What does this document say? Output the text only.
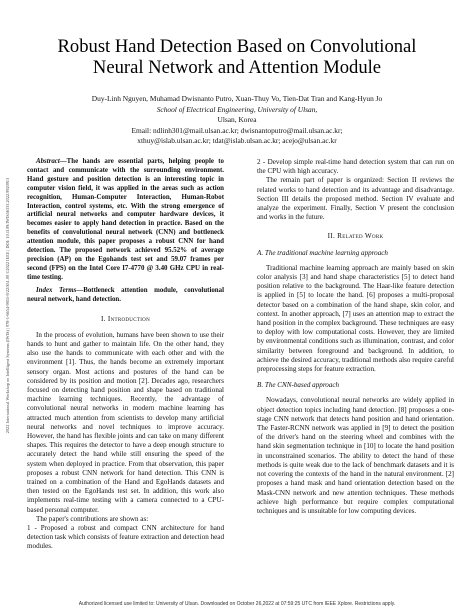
2022 International Workshop on Intelligent Systems (IWIS) | 978-1-6654-9855-9/22/$31.00 ©2022 IEEE | DOI: 10.1109/IWIS56333.2022.9920913
Robust Hand Detection Based on Convolutional Neural Network and Attention Module
Duy-Linh Nguyen, Muhamad Dwisnanto Putro, Xuan-Thuy Vo, Tien-Dat Tran and Kang-Hyun Jo
School of Electrical Engineering, University of Ulsan,
Ulsan, Korea
Email: ndlinh301@mail.ulsan.ac.kr; dwisnantoputro@mail.ulsan.ac.kr;
xthuy@islab.ulsan.ac.kr; tdat@islab.ulsan.ac.kr; acejo@ulsan.ac.kr

Abstract—The hands are essential parts, helping people to contact and communicate with the surrounding environment. Hand gesture and position detection is an interesting topic in computer vision field, it was applied in the areas such as action recognition, Human-Computer Interaction, Human-Robot Interaction, control systems, etc. With the strong emergence of artificial neural networks and computer hardware devices, it becomes easier to apply hand detection in practice. Based on the benefits of convolutional neural network (CNN) and bottleneck attention module, this paper proposes a robust CNN for hand detection. The proposed network achieved 95.52% of average precision (AP) on the Egohands test set and 59.07 frames per second (FPS) on the Intel Core I7-4770 @ 3.40 GHz CPU in real-time testing.

Index Terms—Bottleneck attention module, convolutional neural network, hand detection.

I. Introduction

In the process of evolution, humans have been shown to use their hands to hunt and gather to maintain life. On the other hand, they also use the hands to communicate with each other and with the environment [1]. Thus, the hands become an extremely important sensory organ. Most actions and postures of the hand can be considered by its position and motion [2]. Decades ago, researchers focused on detecting hand position and shape based on traditional machine learning techniques. Recently, the advantage of convolutional neural networks in modern machine learning has attracted much attention from scientists to develop many artificial neural networks and novel techniques to improve accuracy. However, the hand has flexible joints and can take on many different shapes. This requires the detector to have a deep enough structure to accurately detect the hand while still ensuring the speed of the system when deployed in practice. From that observation, this paper proposes a robust CNN network for hand detection. This CNN is trained on a combination of the Hand and EgoHands datasets and then tested on the EgoHands test set. In addition, this work also implements real-time testing with a camera connected to a CPU-based personal computer.

The paper's contributions are shown as:

1 - Proposed a robust and compact CNN architecture for hand detection task which consists of feature extraction and detection head modules.

2 - Develop simple real-time hand detection system that can run on the CPU with high accuracy.

The remain part of paper is organized: Section II reviews the related works to hand detection and its advantage and disadvantage. Section III details the proposed method. Section IV evaluate and analyze the experiment. Finally, Section V present the conclusion and works in the future.

II. Related Work
A. The traditional machine learning approach

Traditional machine learning approach are mainly based on skin color analysis [3] and hand shape characteristics [5] to detect hand position relative to the background. The Haar-like feature detection is applied in [5] to locate the hand. [6] proposes a multi-proposal detector based on a combination of the hand shape, skin color, and context. In another approach, [7] uses an attention map to extract the hand position in the complex background. These techniques are easy to deploy with low computational costs. However, they are limited by environmental conditions such as illumination, contrast, and color similarity between foreground and background. In addition, to achieve the desired accuracy, traditional methods also require careful preprocessing steps for feature extraction.

B. The CNN-based approach

Nowadays, convolutional neural networks are widely applied in object detection topics including hand detection. [8] proposes a one-stage CNN network that detects hand position and hand orientation. The Faster-RCNN network was applied in [9] to detect the position of the driver's hand on the steering wheel and combines with the hand skin segmentation technique in [10] to locate the hand position in unconstrained scenarios. The ability to detect the hand of these methods is quite weak due to the lack of benchmark datasets and it is not covering the contexts of the hand in the natural environment. [2] proposes a hand mask and hand orientation detection based on the Mask-CNN network and new attention techniques. These methods achieve high performance but require complex computational techniques and is unsuitable for low computing devices.

Authorized licensed use limited to: University of Ulsan. Downloaded on October 26,2022 at 07:59:25 UTC from IEEE Xplore. Restrictions apply.
